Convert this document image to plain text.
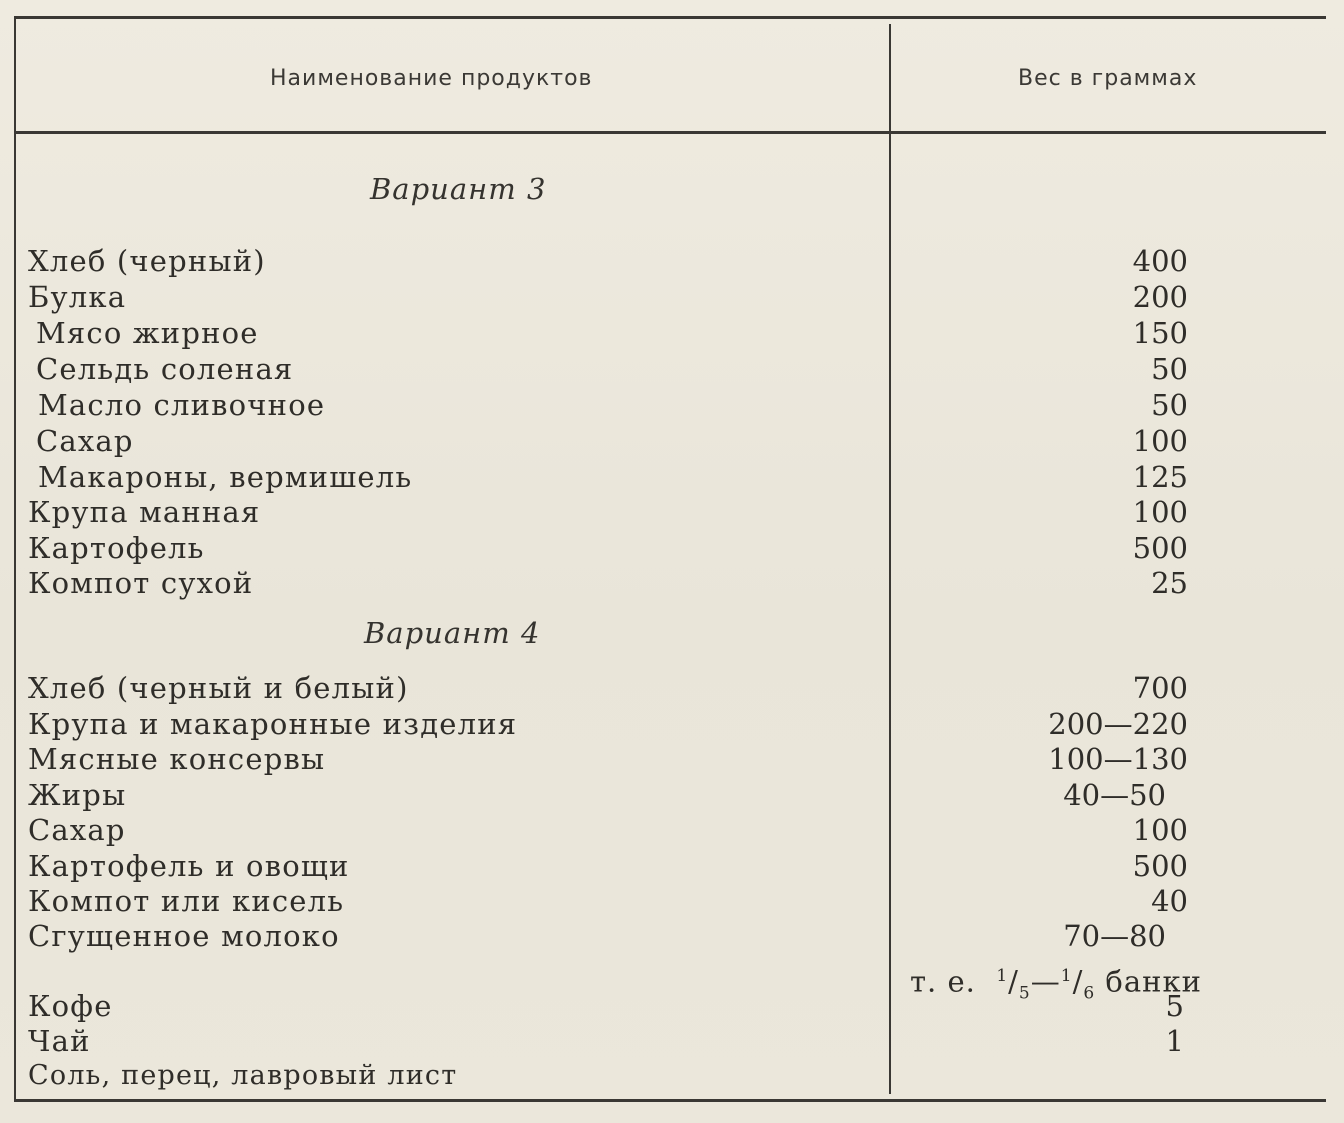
Наименование продуктов	Вес в граммах
Вариант 3
Хлеб (черный)	400
Булка	200
Мясо жирное	150
Сельдь соленая	50
Масло сливочное	50
Сахар	100
Макароны, вермишель	125
Крупа манная	100
Картофель	500
Компот сухой	25
Вариант 4
Хлеб (черный и белый)	700
Крупа и макаронные изделия	200—220
Мясные консервы	100—130
Жиры	40—50
Сахар	100
Картофель и овощи	500
Компот или кисель	40
Сгущенное молоко	70—80
т. е. $^1/_5—^1/_6$ банки
Кофе	5
Чай	1
Соль, перец, лавровый лист
